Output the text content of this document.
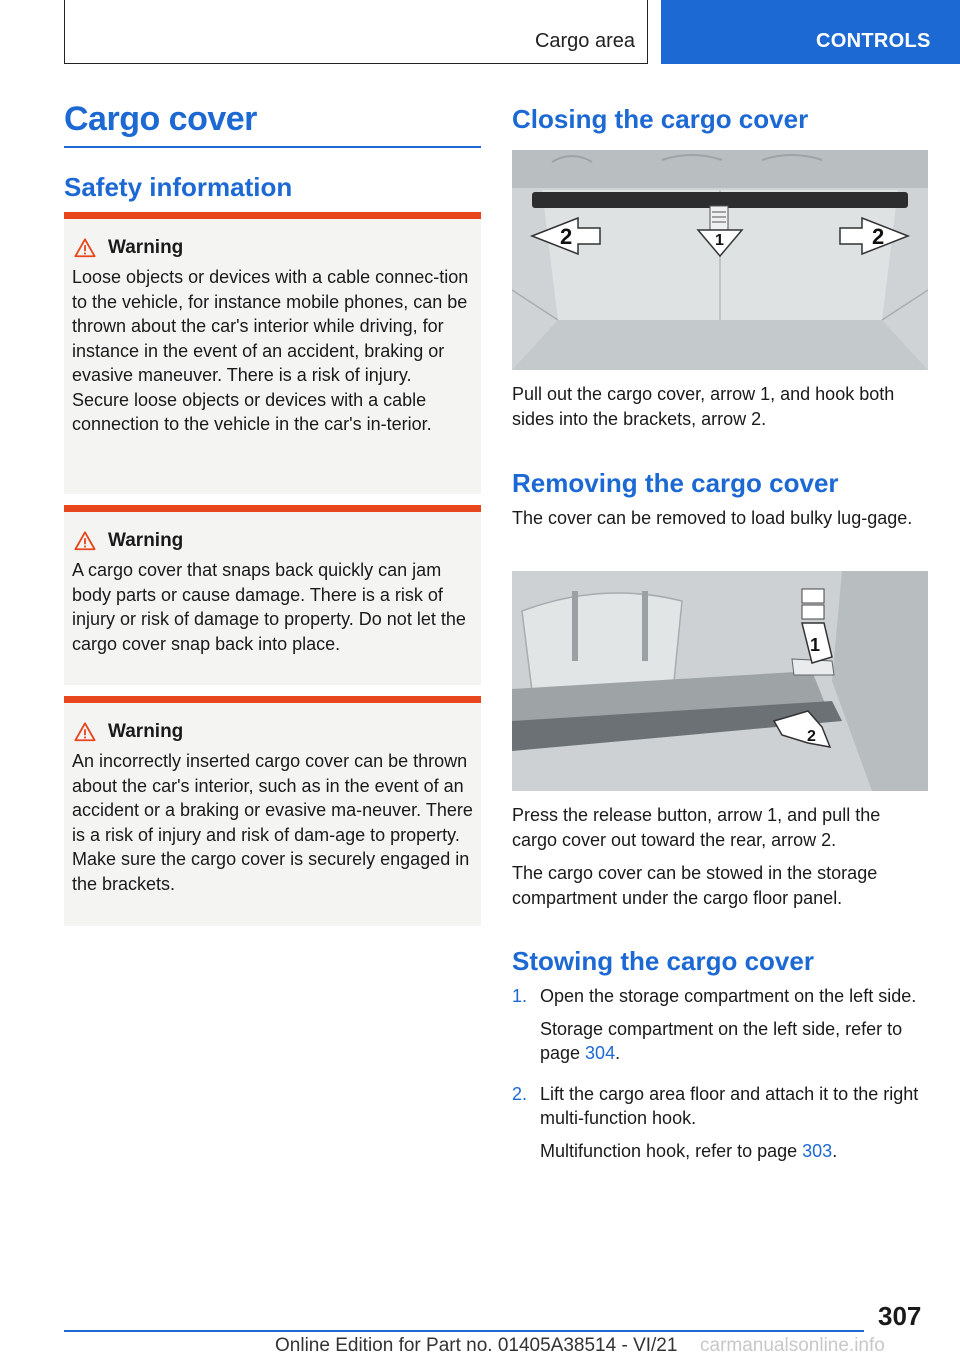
Cargo area	CONTROLS
Cargo cover
Safety information
Warning

Loose objects or devices with a cable connec-tion to the vehicle, for instance mobile phones, can be thrown about the car's interior while driving, for instance in the event of an accident, braking or evasive maneuver. There is a risk of injury. Secure loose objects or devices with a cable connection to the vehicle in the car's in-terior.

Warning

A cargo cover that snaps back quickly can jam body parts or cause damage. There is a risk of injury or risk of damage to property. Do not let the cargo cover snap back into place.

Warning

An incorrectly inserted cargo cover can be thrown about the car's interior, such as in the event of an accident or a braking or evasive ma-neuver. There is a risk of injury and risk of dam-age to property. Make sure the cargo cover is securely engaged in the brackets.

Closing the cargo cover
2	1	2

Pull out the cargo cover, arrow 1, and hook both sides into the brackets, arrow 2.

Removing the cargo cover

The cover can be removed to load bulky lug-gage.

1
2

Press the release button, arrow 1, and pull the cargo cover out toward the rear, arrow 2.

The cargo cover can be stowed in the storage compartment under the cargo floor panel.

Stowing the cargo cover
1. Open the storage compartment on the left side.

Storage compartment on the left side, refer to page 304.

2. Lift the cargo area floor and attach it to the right multi-function hook.

Multifunction hook, refer to page 303.

307
Online Edition for Part no. 01405A38514 - VI/21 carmanualsonline.info
